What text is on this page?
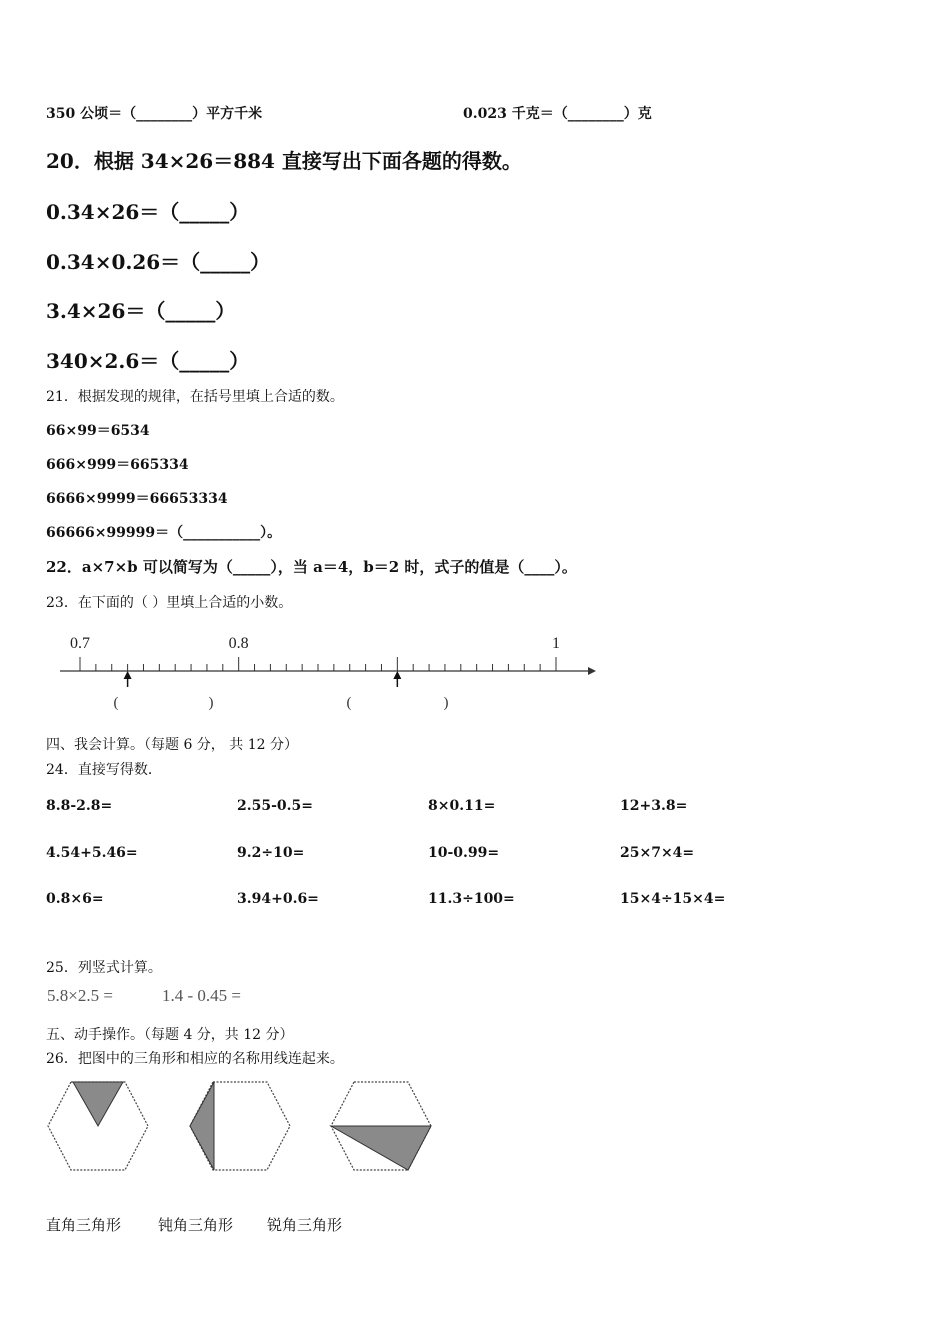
350 公顷＝（________）平方千米	0.023 千克＝（________）克
20．根据 34×26＝884 直接写出下面各题的得数。
0.34×26＝（_____）
0.34×0.26＝（_____）
3.4×26＝（_____）
340×2.6＝（_____）
21．根据发现的规律，在括号里填上合适的数。
66×99＝6534
666×999＝665334
6666×9999＝66653334
66666×99999＝（___________）。
22．a×7×b 可以简写为（_____），当 a＝4，b＝2 时，式子的值是（____）。
23．在下面的（ ）里填上合适的小数。
0.7	0.8	1
(	)	(	)
四、我会计算。（每题 6 分， 共 12 分）
24．直接写得数．
8.8-2.8=	2.55-0.5=	8×0.11=	12+3.8=
4.54+5.46=	9.2÷10=	10-0.99=	25×7×4=
0.8×6=	3.94+0.6=	11.3÷100=	15×4÷15×4=
25．列竖式计算。
5.8×2.5 =	1.4 - 0.45 =
五、动手操作。（每题 4 分，共 12 分）
26．把图中的三角形和相应的名称用线连起来。
直角三角形 钝角三角形 锐角三角形
